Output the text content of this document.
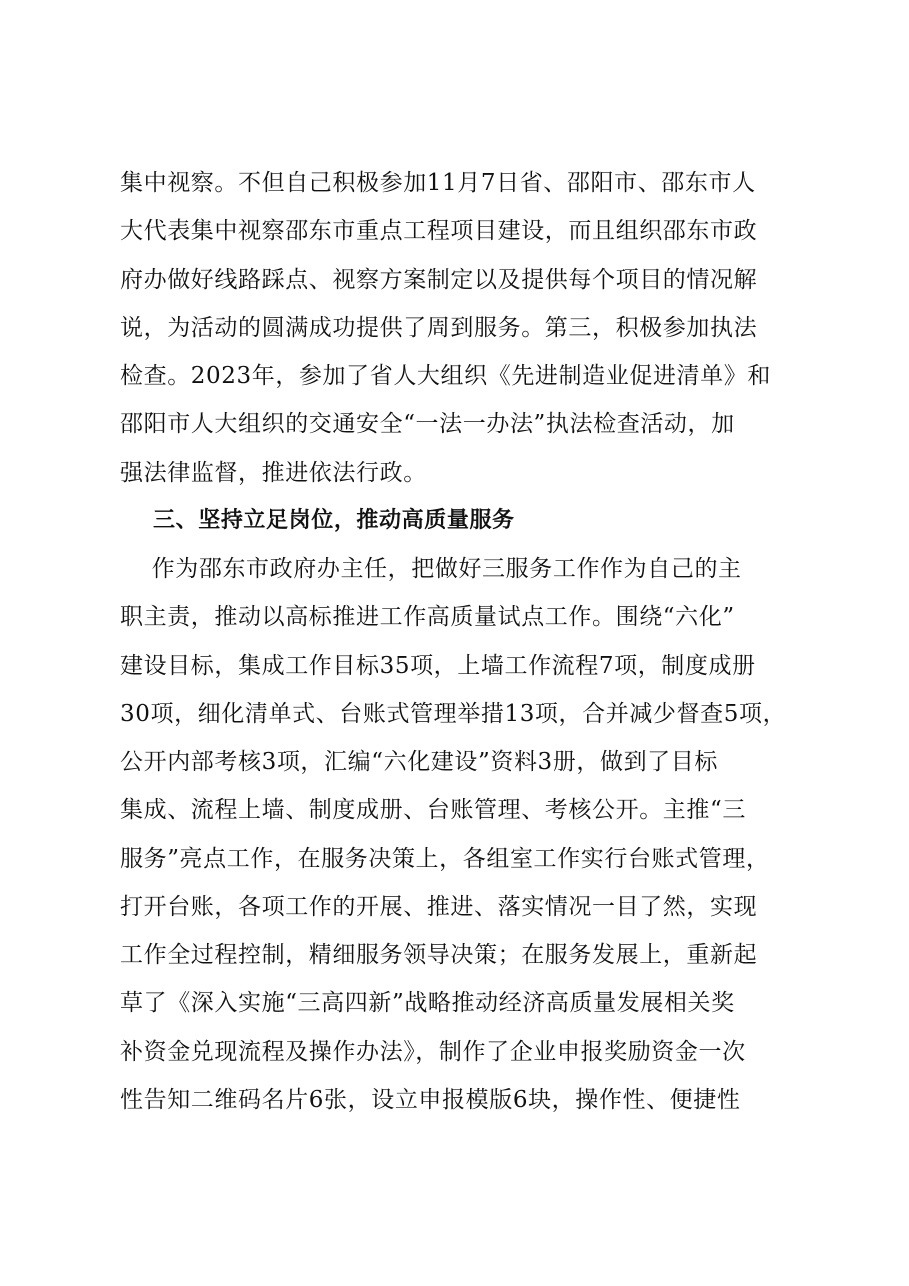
集中视察。不但自己积极参加11月7日省、邵阳市、邵东市人
大代表集中视察邵东市重点工程项目建设，而且组织邵东市政
府办做好线路踩点、视察方案制定以及提供每个项目的情况解
说，为活动的圆满成功提供了周到服务。第三，积极参加执法
检查。2023年，参加了省人大组织《先进制造业促进清单》和
邵阳市人大组织的交通安全“一法一办法”执法检查活动，加
强法律监督，推进依法行政。
三、坚持立足岗位，推动高质量服务
作为邵东市政府办主任，把做好三服务工作作为自己的主
职主责，推动以高标推进工作高质量试点工作。围绕“六化”
建设目标，集成工作目标35项，上墙工作流程7项，制度成册
30项，细化清单式、台账式管理举措13项，合并减少督查5项，
公开内部考核3项，汇编“六化建设”资料3册，做到了目标
集成、流程上墙、制度成册、台账管理、考核公开。主推“三
服务”亮点工作，在服务决策上，各组室工作实行台账式管理，
打开台账，各项工作的开展、推进、落实情况一目了然，实现
工作全过程控制，精细服务领导决策；在服务发展上，重新起
草了《深入实施“三高四新”战略推动经济高质量发展相关奖
补资金兑现流程及操作办法》，制作了企业申报奖励资金一次
性告知二维码名片6张，设立申报模版6块，操作性、便捷性
